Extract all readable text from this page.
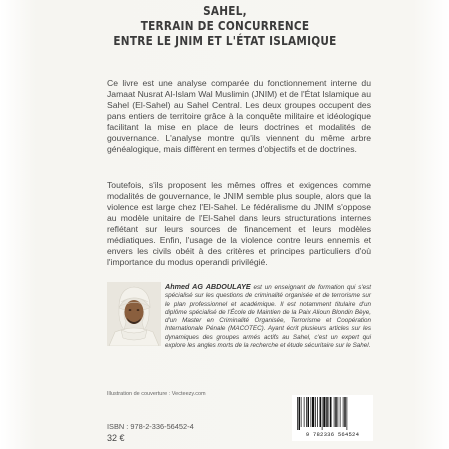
SAHEL,
TERRAIN DE CONCURRENCE
ENTRE LE JNIM ET L'ÉTAT ISLAMIQUE

Ce livre est une analyse comparée du fonctionnement interne du Jamaat Nusrat Al-Islam Wal Muslimin (JNIM) et de l'État Islamique au Sahel (El-Sahel) au Sahel Central. Les deux groupes occupent des pans entiers de territoire grâce à la conquête militaire et idéologique facilitant la mise en place de leurs doctrines et modalités de gouvernance. L'analyse montre qu'ils viennent du même arbre généalogique, mais diffèrent en termes d'objectifs et de doctrines.

Toutefois, s'ils proposent les mêmes offres et exigences comme modalités de gouvernance, le JNIM semble plus souple, alors que la violence est large chez l'El-Sahel. Le fédéralisme du JNIM s'oppose au modèle unitaire de l'El-Sahel dans leurs structurations internes reflétant sur leurs sources de financement et leurs modèles médiatiques. Enfin, l'usage de la violence contre leurs ennemis et envers les civils obéit à des critères et principes particuliers d'où l'importance du modus operandi privilégié.

Ahmed AG ABDOULAYE est un enseignant de formation qui s'est spécialisé sur les questions de criminalité organisée et de terrorisme sur le plan professionnel et académique. Il est notamment titulaire d'un diplôme spécialisé de l'École de Maintien de la Paix Alioun Blondin Bèye, d'un Master en Criminalité Organisée, Terrorisme et Coopération Internationale Pénale (MACOTEC). Ayant écrit plusieurs articles sur les dynamiques des groupes armés actifs au Sahel, c'est un expert qui explore les angles morts de la recherche et étude sécuritaire sur le Sahel.

Illustration de couverture : Vecteezy.com
ISBN : 978-2-336-56452-4
32 €	9 782336 564524
